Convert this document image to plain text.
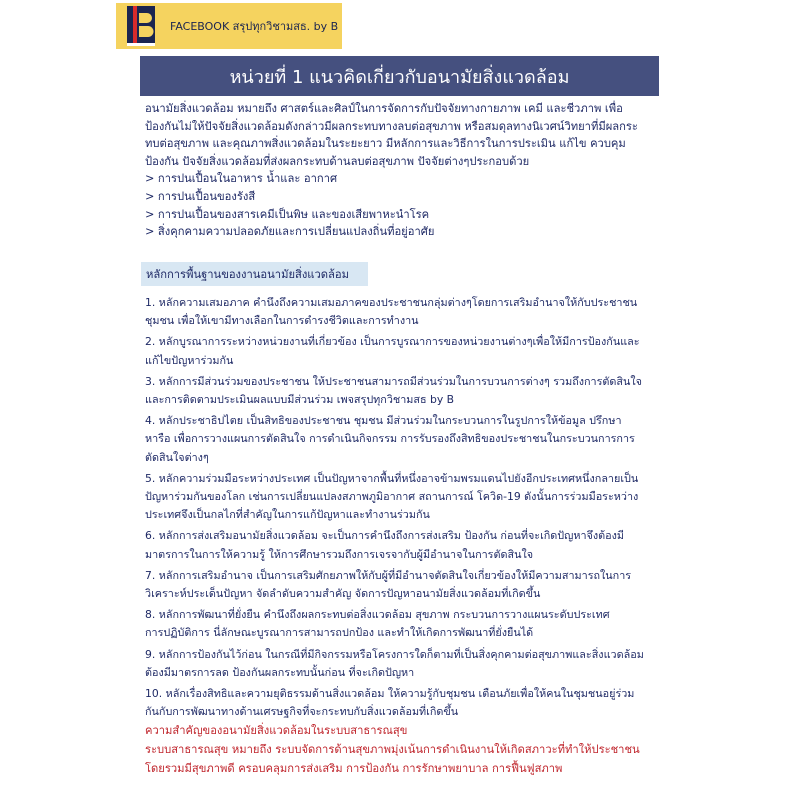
FACEBOOK สรุปทุกวิชามสธ. by B
หน่วยที่ 1 แนวคิดเกี่ยวกับอนามัยสิ่งแวดล้อม

อนามัยสิ่งแวดล้อม หมายถึง ศาสตร์และศิลป์ในการจัดการกับปัจจัยทางกายภาพ เคมี และชีวภาพ เพื่อ

ป้องกันไม่ให้ปัจจัยสิ่งแวดล้อมดังกล่าวมีผลกระทบทางลบต่อสุขภาพ หรือสมดุลทางนิเวศน์วิทยาที่มีผลกระ

ทบต่อสุขภาพ และคุณภาพสิ่งแวดล้อมในระยะยาว มีหลักการและวิธีการในการประเมิน แก้ไข ควบคุม

ป้องกัน ปัจจัยสิ่งแวดล้อมที่ส่งผลกระทบด้านลบต่อสุขภาพ ปัจจัยต่างๆประกอบด้วย

> การปนเปื้อนในอาหาร น้ำและ อากาศ
> การปนเปื้อนของรังสี
> การปนเปื้อนของสารเคมีเป็นพิษ และของเสียพาหะนำโรค
> สิ่งคุกคามความปลอดภัยและการเปลี่ยนแปลงถิ่นที่อยู่อาศัย
หลักการพื้นฐานของงานอนามัยสิ่งแวดล้อม

1. หลักความเสมอภาค คำนึงถึงความเสมอภาคของประชาชนกลุ่มต่างๆโดยการเสริมอำนาจให้กับประชาชน
ชุมชน เพื่อให้เขามีทางเลือกในการดำรงชีวิตและการทำงาน

2. หลักบูรณาการระหว่างหน่วยงานที่เกี่ยวข้อง เป็นการบูรณาการของหน่วยงานต่างๆเพื่อให้มีการป้องกันและ
แก้ไขปัญหาร่วมกัน

3. หลักการมีส่วนร่วมของประชาชน ให้ประชาชนสามารถมีส่วนร่วมในการบวนการต่างๆ รวมถึงการตัดสินใจ
และการติดตามประเมินผลแบบมีส่วนร่วม เพจสรุปทุกวิชามสธ by B

4. หลักประชาธิปไตย เป็นสิทธิของประชาชน ชุมชน มีส่วนร่วมในกระบวนการในรูปการให้ข้อมูล ปรึกษา
หารือ เพื่อการวางแผนการตัดสินใจ การดำเนินกิจกรรม การรับรองถึงสิทธิของประชาชนในกระบวนการการ
ตัดสินใจต่างๆ

5. หลักความร่วมมือระหว่างประเทศ เป็นปัญหาจากพื้นที่หนึ่งอาจข้ามพรมแดนไปยังอีกประเทศหนึ่งกลายเป็น
ปัญหาร่วมกันของโลก เช่นการเปลี่ยนแปลงสภาพภูมิอากาศ สถานการณ์ โควิด-19 ดังนั้นการร่วมมือระหว่าง
ประเทศจึงเป็นกลไกที่สำคัญในการแก้ปัญหาและทำงานร่วมกัน

6. หลักการส่งเสริมอนามัยสิ่งแวดล้อม จะเป็นการคำนึงถึงการส่งเสริม ป้องกัน ก่อนที่จะเกิดปัญหาจึงต้องมี
มาตรการในการให้ความรู้ ให้การศึกษารวมถึงการเจรจากับผู้มีอำนาจในการตัดสินใจ

7. หลักการเสริมอำนาจ เป็นการเสริมศักยภาพให้กับผู้ที่มีอำนาจตัดสินใจเกี่ยวข้องให้มีความสามารถในการ
วิเคราะห์ประเด็นปัญหา จัดลำดับความสำคัญ จัดการปัญหาอนามัยสิ่งแวดล้อมที่เกิดขึ้น

8. หลักการพัฒนาที่ยั่งยืน คำนึงถึงผลกระทบต่อสิ่งแวดล้อม สุขภาพ กระบวนการวางแผนระดับประเทศ
การปฏิบัติการ นี่ลักษณะบูรณาการสามารถปกป้อง และทำให้เกิดการพัฒนาที่ยั่งยืนได้

9. หลักการป้องกันไว้ก่อน ในกรณีที่มีกิจกรรมหรือโครงการใดก็ตามที่เป็นสิ่งคุกคามต่อสุขภาพและสิ่งแวดล้อม
ต้องมีมาตรการลด ป้องกันผลกระทบนั้นก่อน ที่จะเกิดปัญหา

10. หลักเรื่องสิทธิและความยุติธรรมด้านสิ่งแวดล้อม ให้ความรู้กับชุมชน เตือนภัยเพื่อให้คนในชุมชนอยู่ร่วม
กันกับการพัฒนาทางด้านเศรษฐกิจที่จะกระทบกับสิ่งแวดล้อมที่เกิดขึ้น

ความสำคัญของอนามัยสิ่งแวดล้อมในระบบสาธารณสุข

ระบบสาธารณสุข หมายถึง ระบบจัดการด้านสุขภาพมุ่งเน้นการดำเนินงานให้เกิดสภาวะที่ทำให้ประชาชน

โดยรวมมีสุขภาพดี ครอบคลุมการส่งเสริม การป้องกัน การรักษาพยาบาล การฟื้นฟูสภาพ
